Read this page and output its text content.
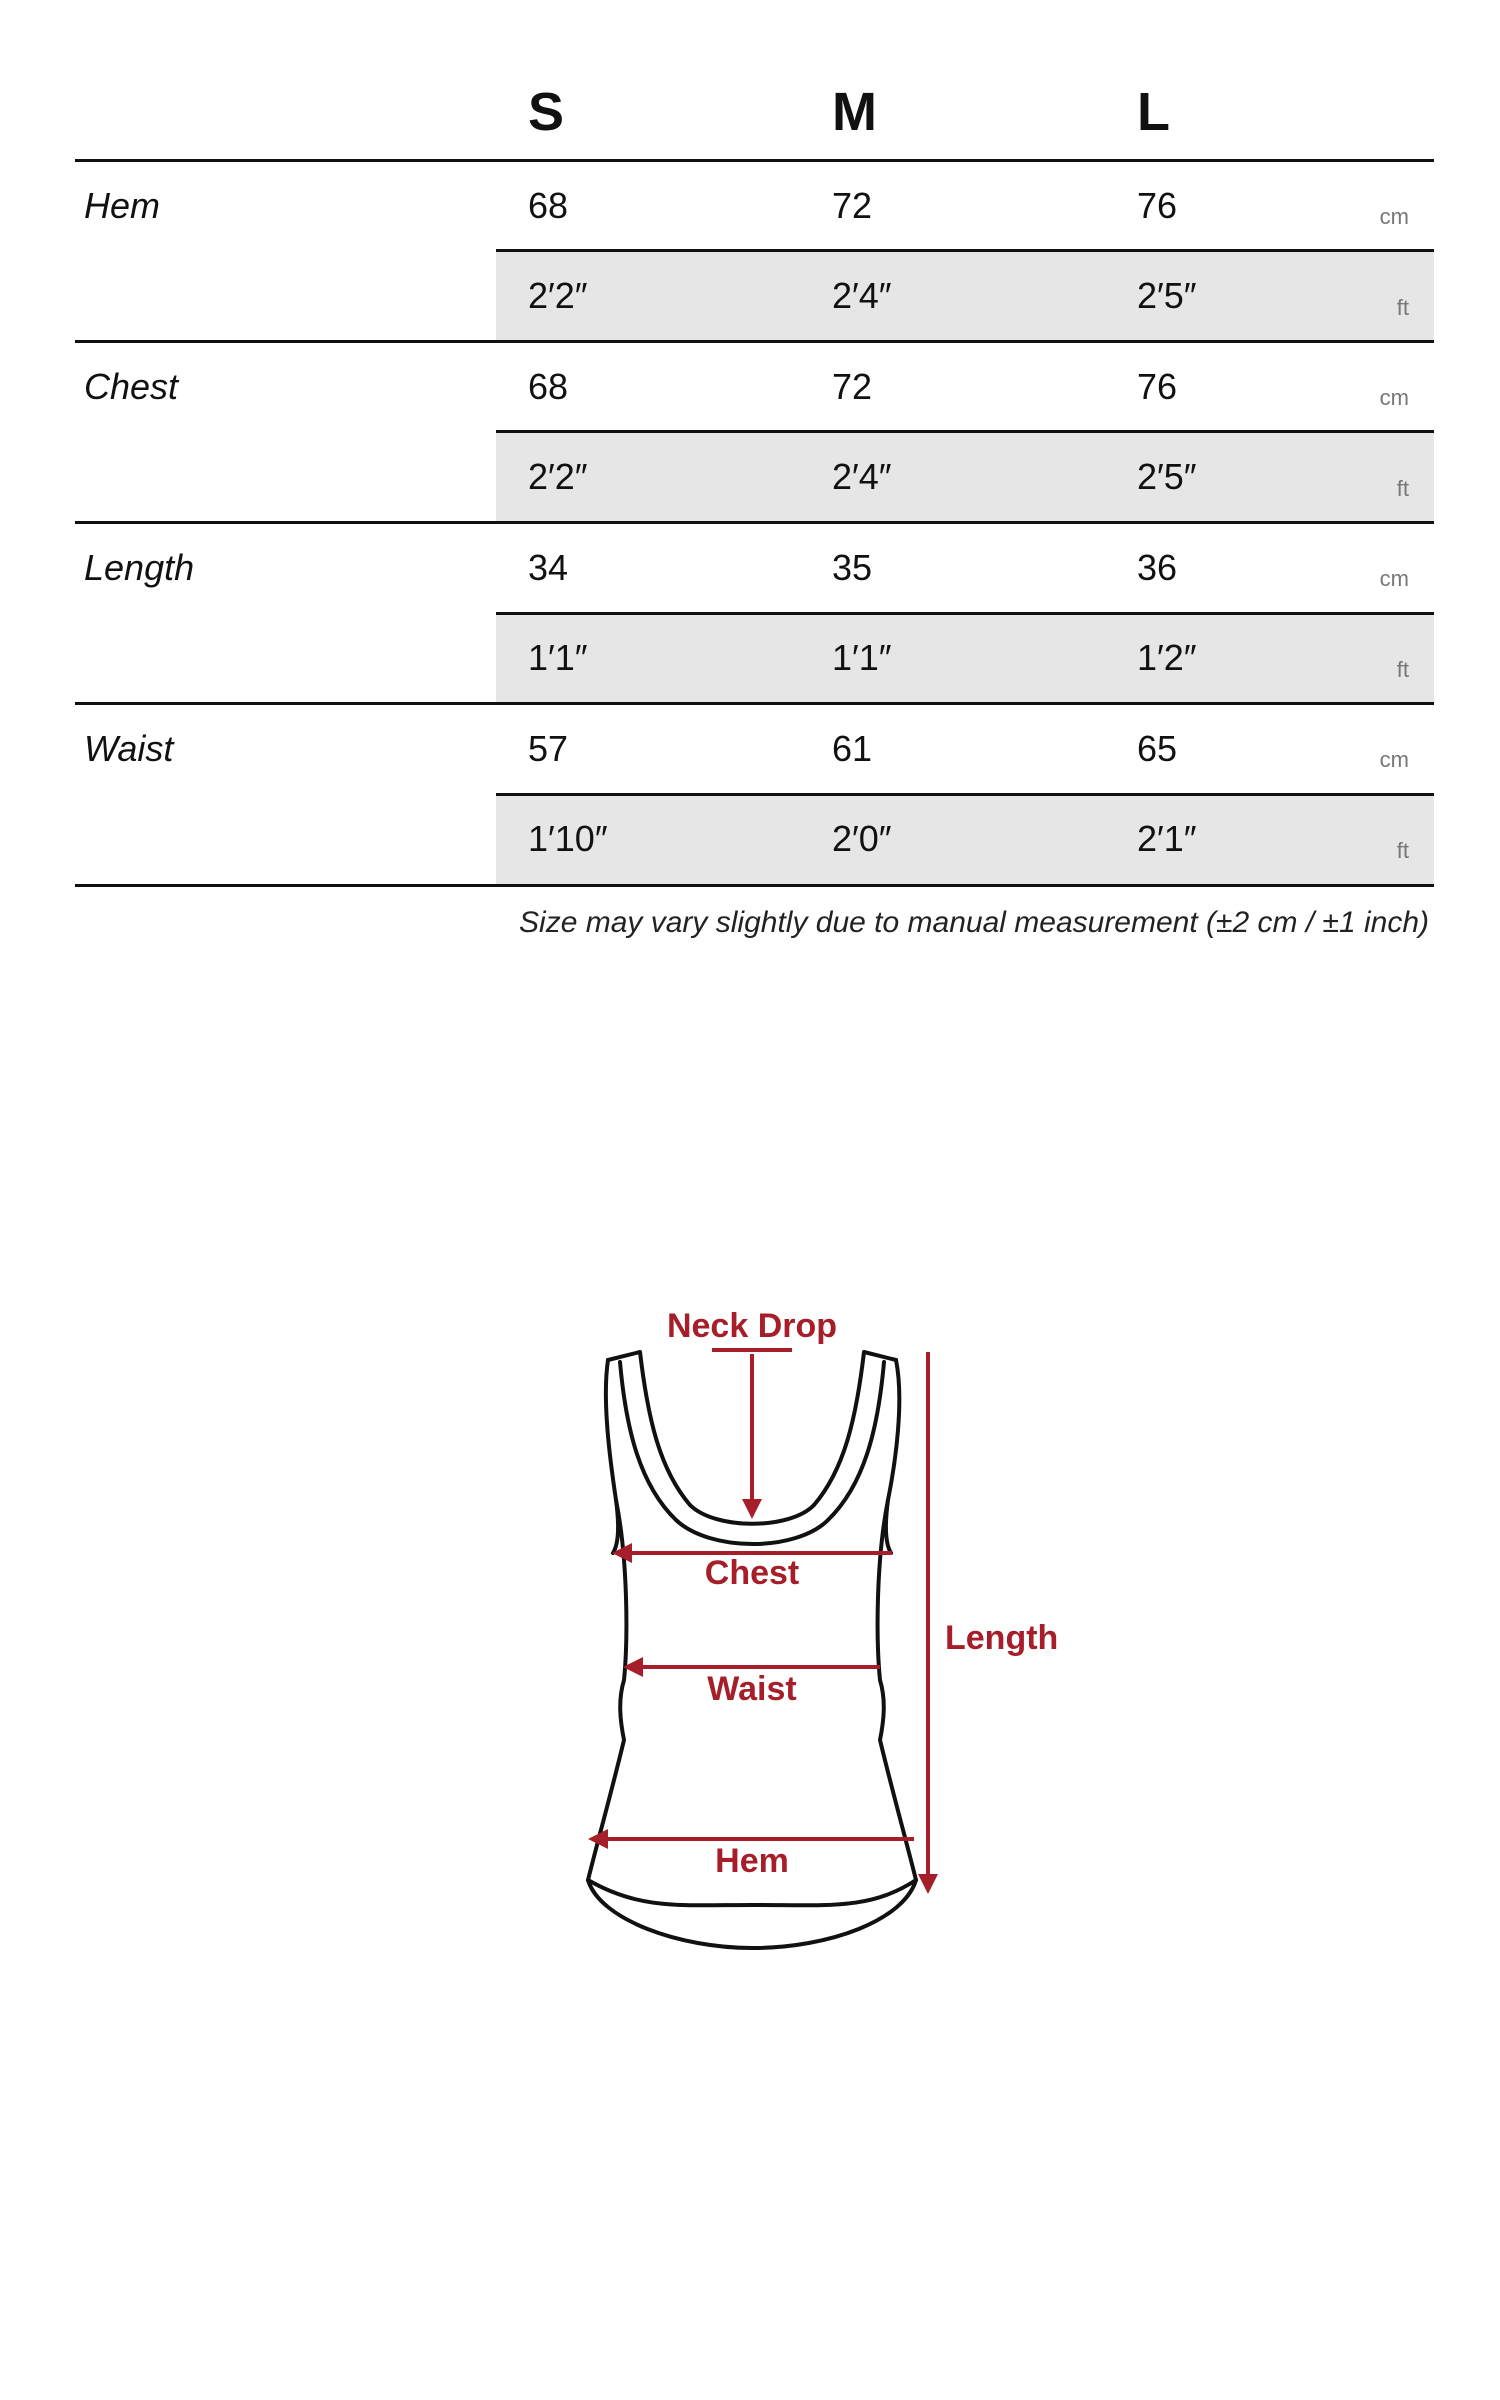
S	M	L
Hem	68	72	76	cm
2′2″	2′4″	2′5″	ft
Chest	68	72	76	cm
2′2″	2′4″	2′5″	ft
Length	34	35	36	cm
1′1″	1′1″	1′2″	ft
Waist	57	61	65	cm
1′10″	2′0″	2′1″	ft
Size may vary slightly due to manual measurement (±2 cm / ±1 inch)
Neck Drop
Chest
Waist
Hem
Length
